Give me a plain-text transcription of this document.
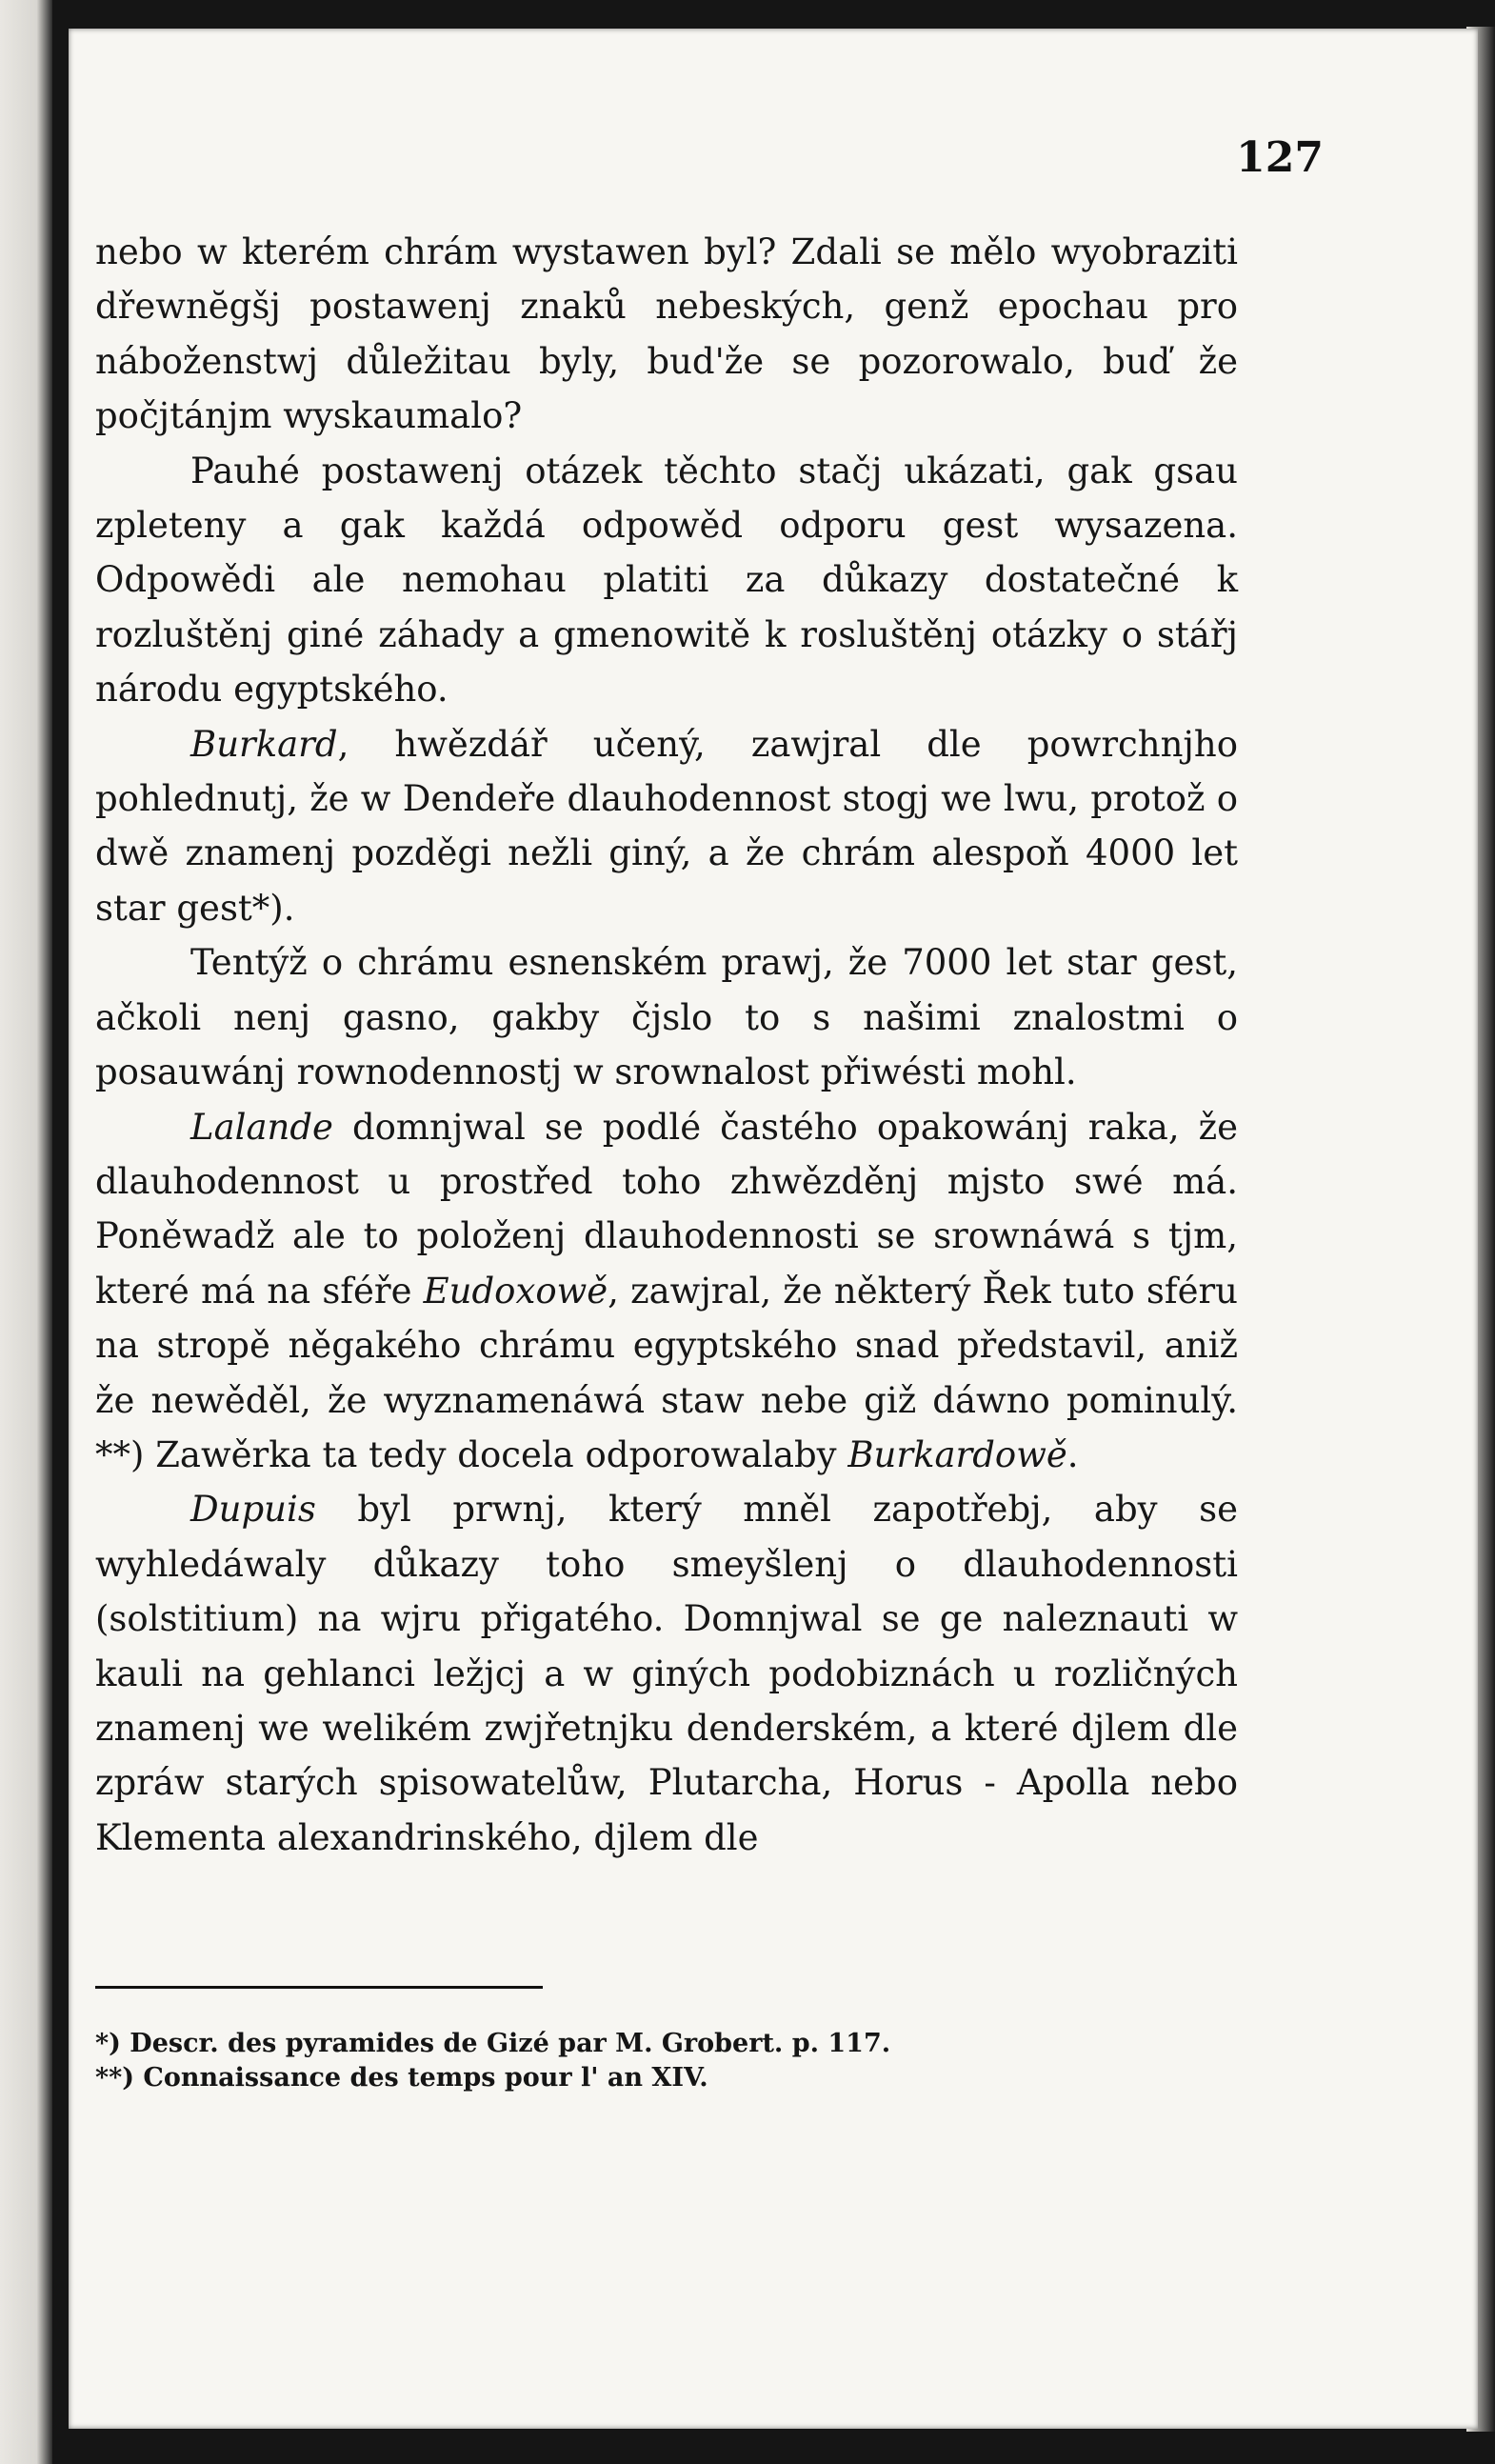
127

nebo w kterém chrám wystawen byl? Zdali se mělo wyobraziti dřewnĕgšj postawenj znaků nebeských, genž epochau pro náboženstwj důležitau byly, bud'že se pozorowalo, buď že počjtánjm wyskaumalo?

Pauhé postawenj otázek těchto stačj ukázati, gak gsau zpleteny a gak každá odpowěd odporu gest wysazena. Odpowědi ale nemohau platiti za důkazy dostatečné k rozluštěnj giné záhady a gmenowitě k rosluštěnj otázky o stářj národu egyptského.

Burkard, hwězdář učený, zawjral dle powrchnjho pohlednutj, že w Dendeře dlauhodennost stogj we lwu, protož o dwě znamenj pozděgi nežli giný, a že chrám alespoň 4000 let star gest*).

Tentýž o chrámu esnenském prawj, že 7000 let star gest, ačkoli nenj gasno, gakby čjslo to s našimi znalostmi o posauwánj rownodennostj w srownalost přiwésti mohl.

Lalande domnjwal se podlé častého opakowánj raka, že dlauhodennost u prostřed toho zhwězděnj mjsto swé má. Poněwadž ale to položenj dlauhodennosti se srownáwá s tjm, které má na sféře Eudoxowě, zawjral, že některý Řek tuto sféru na stropě něgakého chrámu egyptského snad představil, aniž že newěděl, že wyznamenáwá staw nebe giž dáwno pominulý. **) Zawěrka ta tedy docela odporowalaby Burkardowě.

Dupuis byl prwnj, který mněl zapotřebj, aby se wyhledáwaly důkazy toho smeyšlenj o dlauhodennosti (solstitium) na wjru přigatého. Domnjwal se ge naleznauti w kauli na gehlanci ležjcj a w giných podobiznách u rozličných znamenj we welikém zwjřetnjku denderském, a které djlem dle zpráw starých spisowatelůw, Plutarcha, Horus - Apolla nebo Klementa alexandrinského, djlem dle

*) Descr. des pyramides de Gizé par M. Grobert. p. 117.

**) Connaissance des temps pour l' an XIV.
